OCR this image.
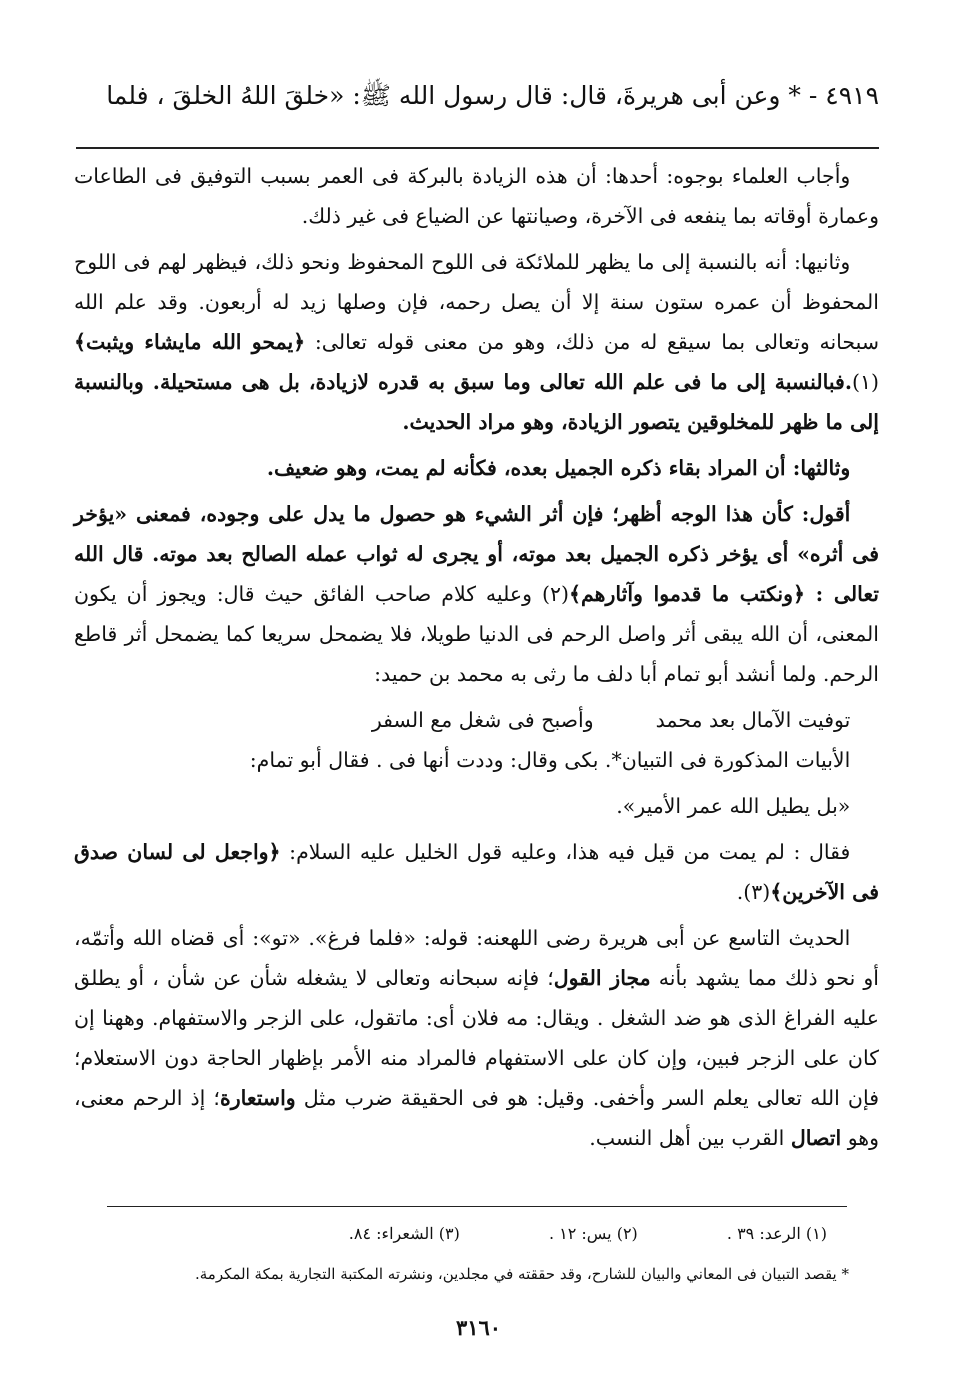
٤٩١٩ - * وعن أبى هريرةَ، قال: قال رسول الله ﷺ: «خلقَ اللهُ الخلقَ ، فلما

وأجاب العلماء بوجوه: أحدها: أن هذه الزيادة بالبركة فى العمر بسبب التوفيق فى الطاعات وعمارة أوقاته بما ينفعه فى الآخرة، وصيانتها عن الضياع فى غير ذلك.

وثانيها: أنه بالنسبة إلى ما يظهر للملائكة فى اللوح المحفوظ ونحو ذلك، فيظهر لهم فى اللوح المحفوظ أن عمره ستون سنة إلا أن يصل رحمه، فإن وصلها زيد له أربعون. وقد علم الله سبحانه وتعالى بما سيقع له من ذلك، وهو من معنى قوله تعالى: ﴿يمحو الله مايشاء ويثبت﴾(١).فبالنسبة إلى ما فى علم الله تعالى وما سبق به قدره لازيادة، بل هى مستحيلة. وبالنسبة إلى ما ظهر للمخلوقين يتصور الزيادة، وهو مراد الحديث.

وثالثها: أن المراد بقاء ذكره الجميل بعده، فكأنه لم يمت، وهو ضعيف.

أقول: كأن هذا الوجه أظهر؛ فإن أثر الشيء هو حصول ما يدل على وجوده، فمعنى «يؤخر فى أثره» أى يؤخر ذكره الجميل بعد موته، أو يجرى له ثواب عمله الصالح بعد موته. قال الله تعالى : ﴿ونكتب ما قدموا وآثارهم﴾(٢) وعليه كلام صاحب الفائق حيث قال: ويجوز أن يكون المعنى، أن الله يبقى أثر واصل الرحم فى الدنيا طويلا، فلا يضمحل سريعا كما يضمحل أثر قاطع الرحم. ولما أنشد أبو تمام أبا دلف ما رثى به محمد بن حميد:

توفيت الآمال بعد محمدوأصبح فى شغل مع السفر

الأبيات المذكورة فى التبيان*. بكى وقال: وددت أنها فى . فقال أبو تمام:

«بل يطيل الله عمر الأمير».

فقال : لم يمت من قيل فيه هذا، وعليه قول الخليل عليه السلام: ﴿واجعل لى لسان صدق فى الآخرين﴾(٣).

الحديث التاسع عن أبى هريرة رضى اللهعنه: قوله: «فلما فرغ». «تو»: أى قضاه الله وأتمّه، أو نحو ذلك مما يشهد بأنه مجاز القول؛ فإنه سبحانه وتعالى لا يشغله شأن عن شأن ، أو يطلق عليه الفراغ الذى هو ضد الشغل . ويقال: مه فلان أى: ماتقول، على الزجر والاستفهام. وههنا إن كان على الزجر فبين، وإن كان على الاستفهام فالمراد منه الأمر بإظهار الحاجة دون الاستعلام؛ فإن الله تعالى يعلم السر وأخفى. وقيل: هو فى الحقيقة ضرب مثل واستعارة؛ إذ الرحم معنى، وهو اتصال القرب بين أهل النسب.

(١) الرعد: ٣٩ . (٢) يس: ١٢ . (٣) الشعراء: ٨٤.
* يقصد التبيان فى المعاني والبيان للشارح، وقد حققته في مجلدين، ونشرته المكتبة التجارية بمكة المكرمة.
٣١٦٠
